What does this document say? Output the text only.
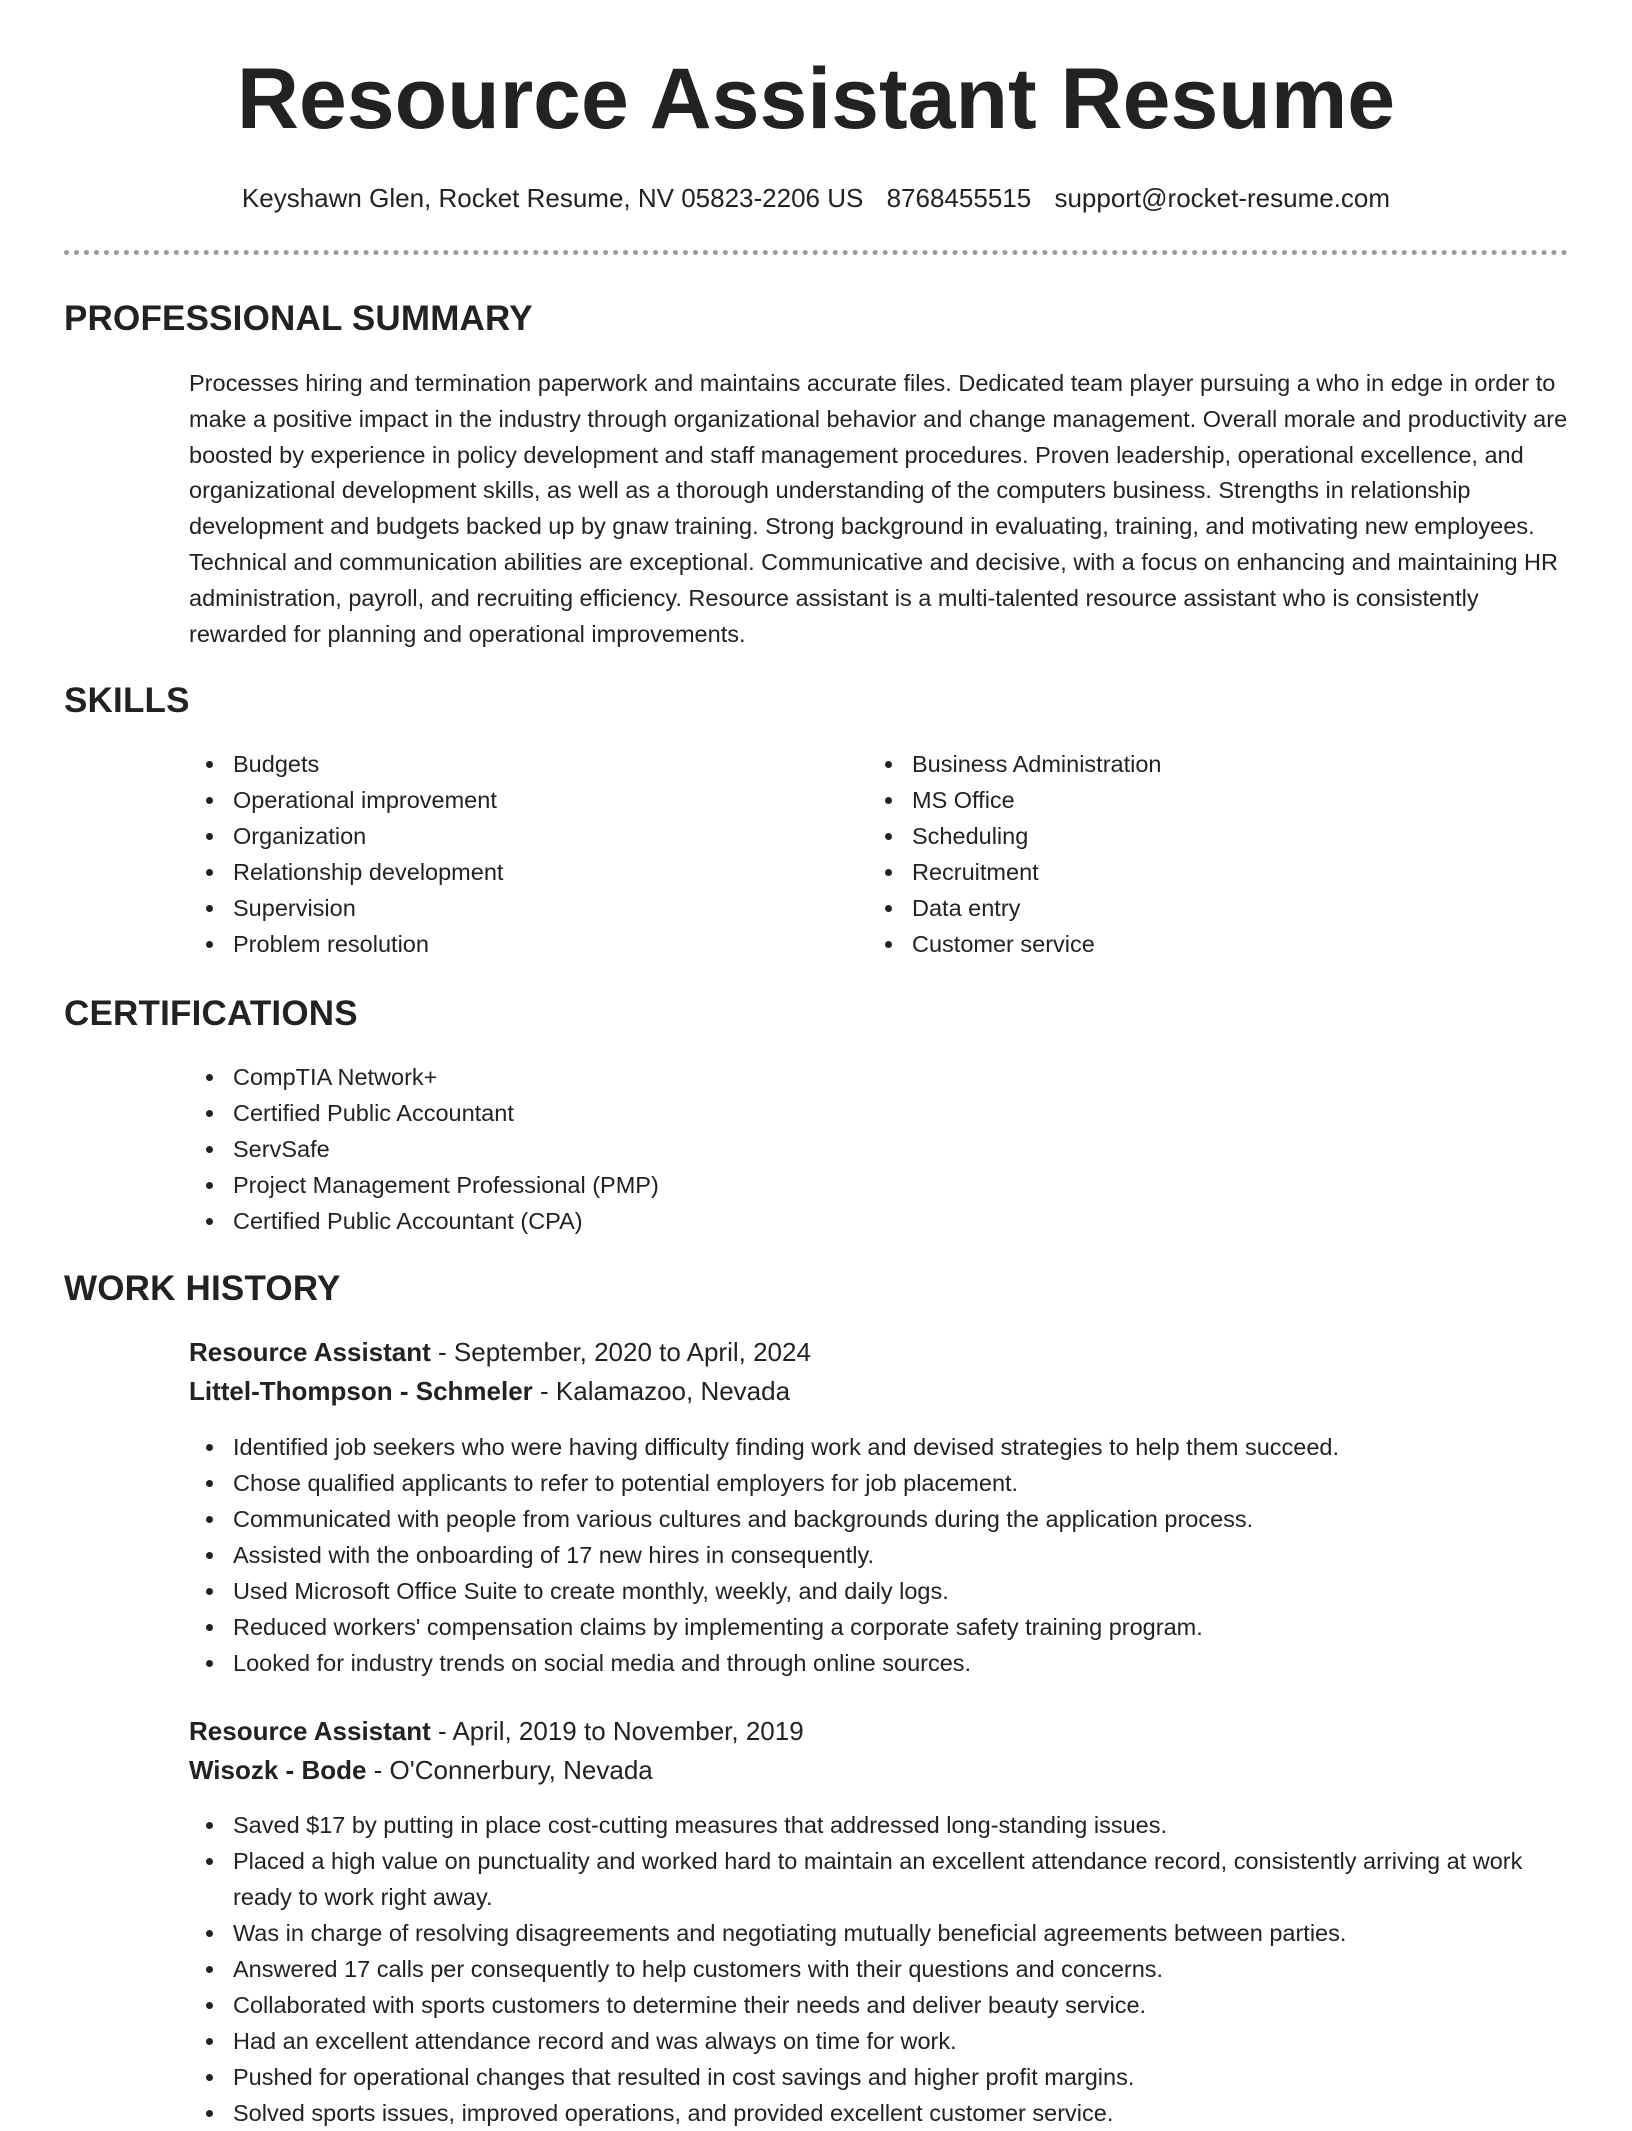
Resource Assistant Resume
Keyshawn Glen, Rocket Resume, NV 05823-2206 US 8768455515 support@rocket-resume.com
PROFESSIONAL SUMMARY

Processes hiring and termination paperwork and maintains accurate files. Dedicated team player pursuing a who in edge in order to make a positive impact in the industry through organizational behavior and change management. Overall morale and productivity are boosted by experience in policy development and staff management procedures. Proven leadership, operational excellence, and organizational development skills, as well as a thorough understanding of the computers business. Strengths in relationship development and budgets backed up by gnaw training. Strong background in evaluating, training, and motivating new employees. Technical and communication abilities are exceptional. Communicative and decisive, with a focus on enhancing and maintaining HR administration, payroll, and recruiting efficiency. Resource assistant is a multi-talented resource assistant who is consistently rewarded for planning and operational improvements.

SKILLS
Budgets
Operational improvement
Organization
Relationship development
Supervision
Problem resolution
Business Administration
MS Office
Scheduling
Recruitment
Data entry
Customer service
CERTIFICATIONS
CompTIA Network+
Certified Public Accountant
ServSafe
Project Management Professional (PMP)
Certified Public Accountant (CPA)
WORK HISTORY
Resource Assistant - September, 2020 to April, 2024
Littel-Thompson - Schmeler - Kalamazoo, Nevada
Identified job seekers who were having difficulty finding work and devised strategies to help them succeed.
Chose qualified applicants to refer to potential employers for job placement.
Communicated with people from various cultures and backgrounds during the application process.
Assisted with the onboarding of 17 new hires in consequently.
Used Microsoft Office Suite to create monthly, weekly, and daily logs.
Reduced workers' compensation claims by implementing a corporate safety training program.
Looked for industry trends on social media and through online sources.
Resource Assistant - April, 2019 to November, 2019
Wisozk - Bode - O'Connerbury, Nevada
Saved $17 by putting in place cost-cutting measures that addressed long-standing issues.
Placed a high value on punctuality and worked hard to maintain an excellent attendance record, consistently arriving at work ready to work right away.
Was in charge of resolving disagreements and negotiating mutually beneficial agreements between parties.
Answered 17 calls per consequently to help customers with their questions and concerns.
Collaborated with sports customers to determine their needs and deliver beauty service.
Had an excellent attendance record and was always on time for work.
Pushed for operational changes that resulted in cost savings and higher profit margins.
Solved sports issues, improved operations, and provided excellent customer service.
